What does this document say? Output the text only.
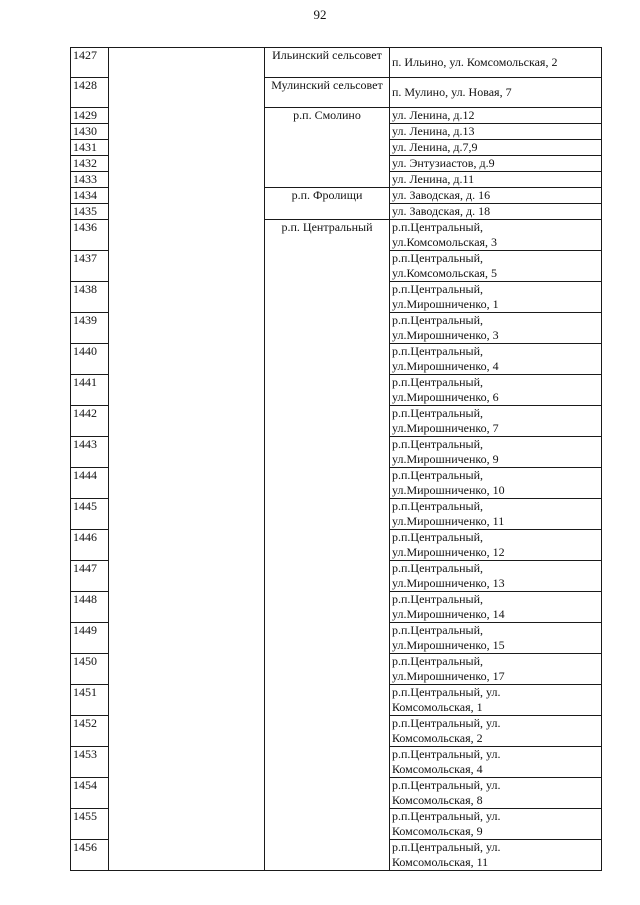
92
1427		Ильинский сельсовет	п. Ильино, ул. Комсомольская, 2
1428		Мулинский сельсовет	п. Мулино, ул. Новая, 7
1429		р.п. Смолино	ул. Ленина, д.12
1430			ул. Ленина, д.13
1431			ул. Ленина, д.7,9
1432			ул. Энтузиастов, д.9
1433			ул. Ленина, д.11
1434		р.п. Фролищи	ул. Заводская, д. 16
1435			ул. Заводская, д. 18
1436		р.п. Центральный	р.п.Центральный,
ул.Комсомольская, 3

1437			р.п.Центральный,
ул.Комсомольская, 5

1438			р.п.Центральный,
ул.Мирошниченко, 1

1439			р.п.Центральный,
ул.Мирошниченко, 3

1440			р.п.Центральный,
ул.Мирошниченко, 4

1441			р.п.Центральный,
ул.Мирошниченко, 6

1442			р.п.Центральный,
ул.Мирошниченко, 7

1443			р.п.Центральный,
ул.Мирошниченко, 9

1444			р.п.Центральный,
ул.Мирошниченко, 10

1445			р.п.Центральный,
ул.Мирошниченко, 11

1446			р.п.Центральный,
ул.Мирошниченко, 12

1447			р.п.Центральный,
ул.Мирошниченко, 13

1448			р.п.Центральный,
ул.Мирошниченко, 14

1449			р.п.Центральный,
ул.Мирошниченко, 15

1450			р.п.Центральный,
ул.Мирошниченко, 17

1451			р.п.Центральный, ул.
Комсомольская, 1

1452			р.п.Центральный, ул.
Комсомольская, 2

1453			р.п.Центральный, ул.
Комсомольская, 4

1454			р.п.Центральный, ул.
Комсомольская, 8

1455			р.п.Центральный, ул.
Комсомольская, 9

1456			р.п.Центральный, ул.
Комсомольская, 11
